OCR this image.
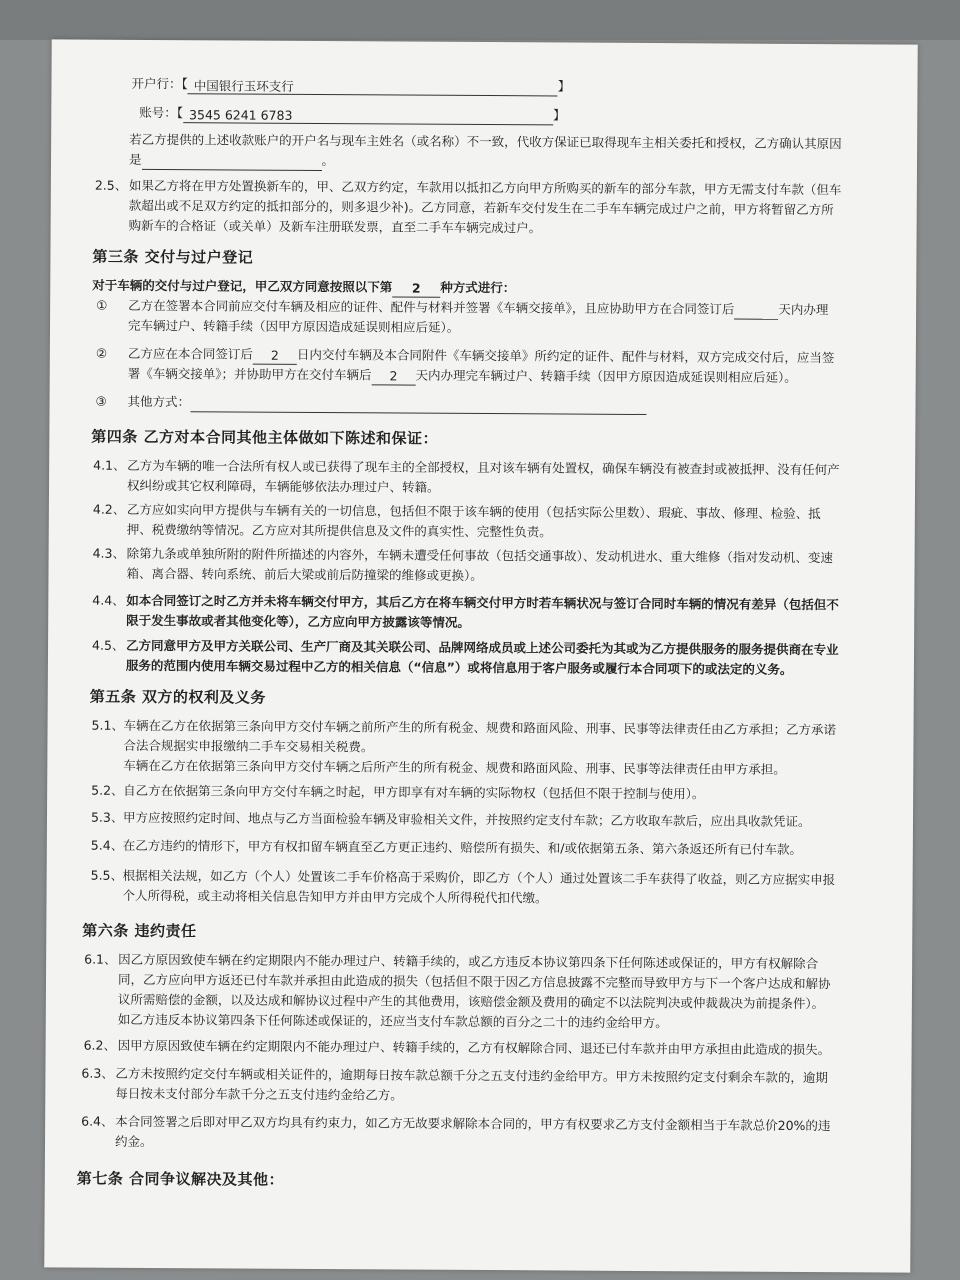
开户行：【 中国银行玉环支行	】
账号：【 3545 6241 6783	】
若乙方提供的上述收款账户的开户名与现车主姓名（或名称）不一致，代收方保证已取得现车主相关委托和授权，乙方确认其原因
是	。
2.5、 如果乙方将在甲方处置换新车的，甲、乙双方约定，车款用以抵扣乙方向甲方所购买的新车的部分车款，甲方无需支付车款（但车
款超出或不足双方约定的抵扣部分的，则多退少补)。乙方同意，若新车交付发生在二手车车辆完成过户之前，甲方将暂留乙方所
购新车的合格证（或关单）及新车注册联发票，直至二手车车辆完成过户。
第三条 交付与过户登记
对于车辆的交付与过户登记，甲乙双方同意按照以下第 2 种方式进行：
① 乙方在签署本合同前应交付车辆及相应的证件、配件与材料并签署《车辆交接单》，且应协助甲方在合同签订后	天内办理
完车辆过户、转籍手续（因甲方原因造成延误则相应后延）。
② 乙方应在本合同签订后 2 日内交付车辆及本合同附件《车辆交接单》所约定的证件、配件与材料，双方完成交付后，应当签
署《车辆交接单》；并协助甲方在交付车辆后 2 天内办理完车辆过户、转籍手续（因甲方原因造成延误则相应后延）。
③ 其他方式：
第四条 乙方对本合同其他主体做如下陈述和保证：
4.1、 乙方为车辆的唯一合法所有权人或已获得了现车主的全部授权，且对该车辆有处置权，确保车辆没有被查封或被抵押、没有任何产
权纠纷或其它权利障碍，车辆能够依法办理过户、转籍。
4.2、 乙方应如实向甲方提供与车辆有关的一切信息，包括但不限于该车辆的使用（包括实际公里数）、瑕疵、事故、修理、检验、抵
押、税费缴纳等情况。乙方应对其所提供信息及文件的真实性、完整性负责。
4.3、 除第九条或单独所附的附件所描述的内容外，车辆未遭受任何事故（包括交通事故）、发动机进水、重大维修（指对发动机、变速
箱、离合器、转向系统、前后大梁或前后防撞梁的维修或更换）。
4.4、 如本合同签订之时乙方并未将车辆交付甲方，其后乙方在将车辆交付甲方时若车辆状况与签订合同时车辆的情况有差异（包括但不
限于发生事故或者其他变化等），乙方应向甲方披露该等情况。
4.5、 乙方同意甲方及甲方关联公司、生产厂商及其关联公司、品牌网络成员或上述公司委托为其或为乙方提供服务的服务提供商在专业
服务的范围内使用车辆交易过程中乙方的相关信息（“信息”）或将信息用于客户服务或履行本合同项下的或法定的义务。
第五条 双方的权利及义务
5.1、 车辆在乙方在依据第三条向甲方交付车辆之前所产生的所有税金、规费和路面风险、刑事、民事等法律责任由乙方承担；乙方承诺
合法合规据实申报缴纳二手车交易相关税费。
车辆在乙方在依据第三条向甲方交付车辆之后所产生的所有税金、规费和路面风险、刑事、民事等法律责任由甲方承担。
5.2、 自乙方在依据第三条向甲方交付车辆之时起，甲方即享有对车辆的实际物权（包括但不限于控制与使用）。
5.3、 甲方应按照约定时间、地点与乙方当面检验车辆及审验相关文件，并按照约定支付车款；乙方收取车款后，应出具收款凭证。
5.4、 在乙方违约的情形下，甲方有权扣留车辆直至乙方更正违约、赔偿所有损失、和/或依据第五条、第六条返还所有已付车款。
5.5、 根据相关法规，如乙方（个人）处置该二手车价格高于采购价，即乙方（个人）通过处置该二手车获得了收益，则乙方应据实申报
个人所得税，或主动将相关信息告知甲方并由甲方完成个人所得税代扣代缴。
第六条 违约责任
6.1、 因乙方原因致使车辆在约定期限内不能办理过户、转籍手续的，或乙方违反本协议第四条下任何陈述或保证的，甲方有权解除合
同，乙方应向甲方返还已付车款并承担由此造成的损失（包括但不限于因乙方信息披露不完整而导致甲方与下一个客户达成和解协
议所需赔偿的金额，以及达成和解协议过程中产生的其他费用，该赔偿金额及费用的确定不以法院判决或仲裁裁决为前提条件）。
如乙方违反本协议第四条下任何陈述或保证的，还应当支付车款总额的百分之二十的违约金给甲方。
6.2、 因甲方原因致使车辆在约定期限内不能办理过户、转籍手续的，乙方有权解除合同、退还已付车款并由甲方承担由此造成的损失。
6.3、 乙方未按照约定交付车辆或相关证件的，逾期每日按车款总额千分之五支付违约金给甲方。甲方未按照约定支付剩余车款的，逾期
每日按未支付部分车款千分之五支付违约金给乙方。
6.4、 本合同签署之后即对甲乙双方均具有约束力，如乙方无故要求解除本合同的，甲方有权要求乙方支付金额相当于车款总价20%的违
约金。
第七条 合同争议解决及其他：
